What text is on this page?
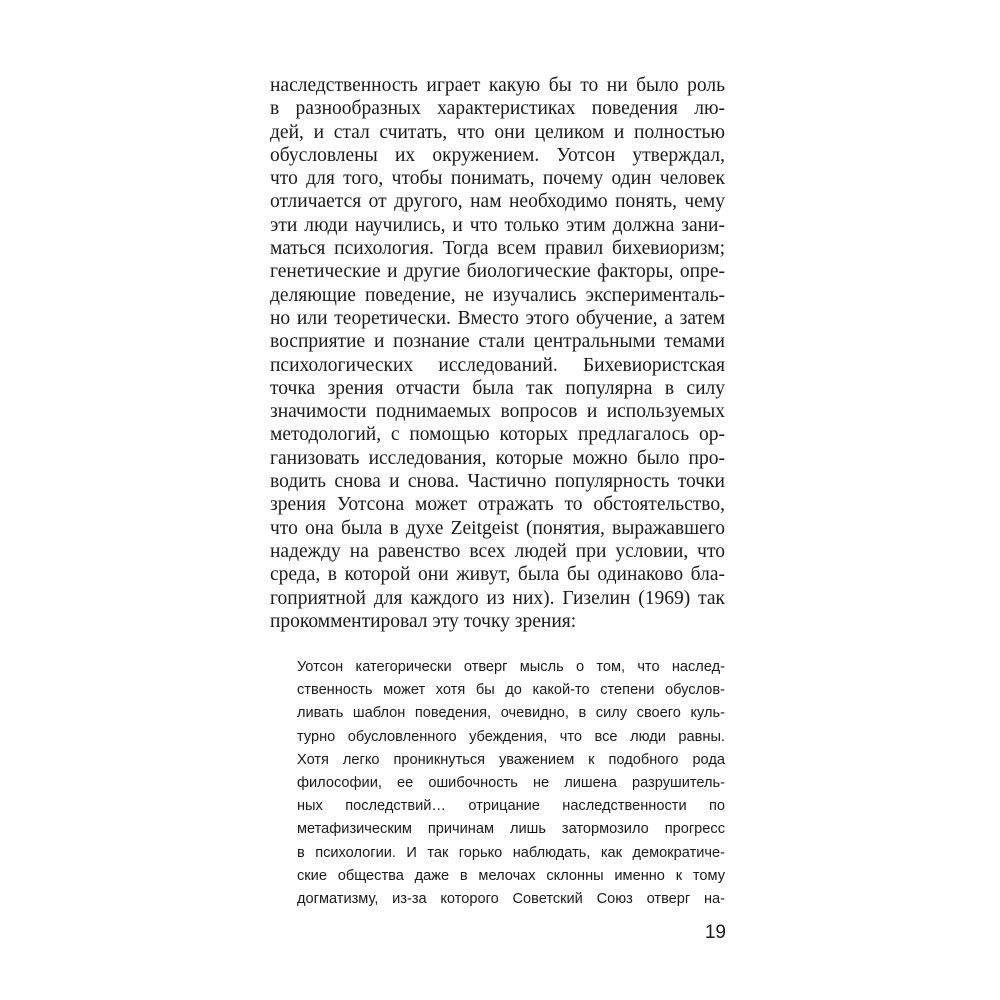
наследственность играет какую бы то ни было роль
в разнообразных характеристиках поведения лю-
дей, и стал считать, что они целиком и полностью
обусловлены их окружением. Уотсон утверждал,
что для того, чтобы понимать, почему один человек
отличается от другого, нам необходимо понять, чему
эти люди научились, и что только этим должна зани-
маться психология. Тогда всем правил бихевиоризм;
генетические и другие биологические факторы, опре-
деляющие поведение, не изучались эксперименталь-
но или теоретически. Вместо этого обучение, а затем
восприятие и познание стали центральными темами
психологических исследований. Бихевиористская
точка зрения отчасти была так популярна в силу
значимости поднимаемых вопросов и используемых
методологий, с помощью которых предлагалось ор-
ганизовать исследования, которые можно было про-
водить снова и снова. Частично популярность точки
зрения Уотсона может отражать то обстоятельство,
что она была в духе Zeitgeist (понятия, выражавшего
надежду на равенство всех людей при условии, что
среда, в которой они живут, была бы одинаково бла-
гоприятной для каждого из них). Гизелин (1969) так
прокомментировал эту точку зрения:
Уотсон категорически отверг мысль о том, что наслед-
ственность может хотя бы до какой-то степени обуслов-
ливать шаблон поведения, очевидно, в силу своего куль-
турно обусловленного убеждения, что все люди равны.
Хотя легко проникнуться уважением к подобного рода
философии, ее ошибочность не лишена разрушитель-
ных последствий… отрицание наследственности по
метафизическим причинам лишь затормозило прогресс
в психологии. И так горько наблюдать, как демократиче-
ские общества даже в мелочах склонны именно к тому
догматизму, из-за которого Советский Союз отверг на-
19
